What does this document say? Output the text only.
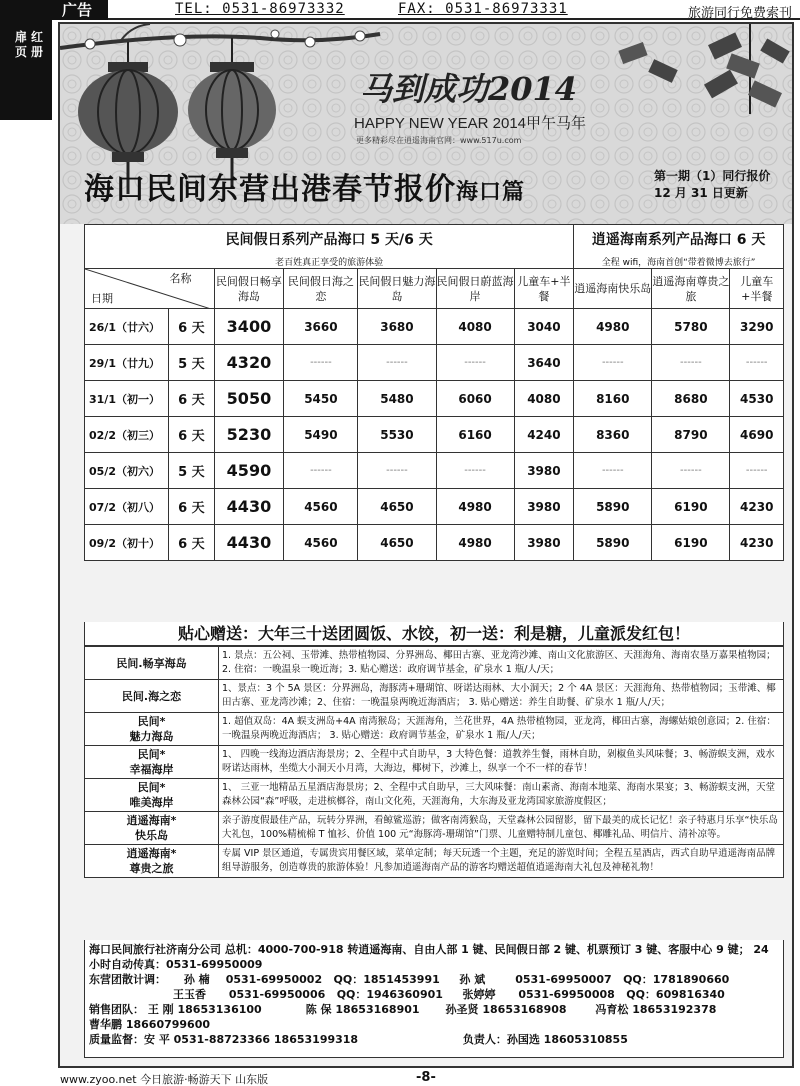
广告	TEL: 0531-86973332	FAX: 0531-86973331	旅游同行免费索刊
红册
扉页
马到成功2014
HAPPY NEW YEAR 2014甲午马年
更多精彩尽在逍遥海南官网：www.517u.com
海口民间东营出港春节报价海口篇
第一期（1）同行报价
12 月 31 日更新
民间假日系列产品海口 5 天/6 天
老百姓真正享受的旅游体验							逍遥海南系列产品海口 6 天
全程 wifi，海南首创“带着微博去旅行”		

名称
日期		民间假日畅享海岛	民间假日海之恋	民间假日魅力海岛	民间假日蔚蓝海岸	儿童车+半餐	逍遥海南快乐岛	逍遥海南尊贵之旅	儿童车+半餐
26/1（廿六）	6 天	3400	3660	3680	4080	3040	4980	5780	3290
29/1（廿九）	5 天	4320	------	------	------	3640	------	------	------
31/1（初一）	6 天	5050	5450	5480	6060	4080	8160	8680	4530
02/2（初三）	6 天	5230	5490	5530	6160	4240	8360	8790	4690
05/2（初六）	5 天	4590	------	------	------	3980	------	------	------
07/2（初八）	6 天	4430	4560	4650	4980	3980	5890	6190	4230
09/2（初十）	6 天	4430	4560	4650	4980	3980	5890	6190	4230
贴心赠送：大年三十送团圆饭、水饺，初一送：利是糖，儿童派发红包！
民间.畅享海岛	1. 景点：五公祠、玉带滩、热带植物园、分界洲岛、椰田古寨、亚龙湾沙滩、南山文化旅游区、天涯海角、海南农垦万嘉果植物园；2. 住宿：一晚温泉一晚近海；3. 贴心赠送：政府调节基金，矿泉水 1 瓶/人/天；
民间.海之恋	1、景点：3 个 5A 景区：分界洲岛，海豚湾+珊瑚馆、呀诺达雨林、大小洞天；2 个 4A 景区：天涯海角、热带植物园；玉带滩、椰田古寨、亚龙湾沙滩；2、住宿：一晚温泉两晚近海酒店； 3. 贴心赠送：养生自助餐、矿泉水 1 瓶/人/天；
民间*
魅力海岛	1. 超值双岛：4A 蜈支洲岛+4A 南湾猴岛；天涯海角，兰花世界，4A 热带植物园，亚龙湾，椰田古寨，海螺姑娘创意园；2. 住宿：一晚温泉两晚近海酒店； 3. 贴心赠送：政府调节基金，矿泉水 1 瓶/人/天；
民间*
幸福海岸	1、 四晚一线海边酒店海景房；2、全程中式自助早，3 大特色餐：道教养生餐，雨林自助，剁椒鱼头风味餐；3、畅游蜈支洲，戏水呀诺达雨林，坐缆大小洞天小月湾，大海边，椰树下，沙滩上，纵享一个不一样的春节！
民间*
唯美海岸	1、 三亚一地精品五星酒店海景房；2、全程中式自助早，三大风味餐：南山素斋、海南本地菜、海南水果宴；3、畅游蜈支洲，天堂森林公园“森”呼吸，走进槟榔谷，南山文化苑，天涯海角，大东海及亚龙湾国家旅游度假区；
逍遥海南*
快乐岛	亲子游度假最佳产品，玩转分界洲，看鲸鲨巡游；做客南湾猴岛，天堂森林公园留影，留下最美的成长记忆！亲子特惠月乐享“快乐岛大礼包，100%精梳棉 T 恤衫、价值 100 元“海豚湾-珊瑚馆”门票、儿童赠特制儿童包、椰雕礼品、明信片、清补凉等。
逍遥海南*
尊贵之旅	专属 VIP 景区通道，专属贵宾用餐区域，菜单定制；每天玩透一个主题，充足的游览时间；全程五星酒店，西式自助早逍遥海南品牌组导游服务，创造尊贵的旅游体验！凡参加逍遥海南产品的游客均赠送超值逍遥海南大礼包及神秘礼物！
海口民间旅行社济南分公司 总机：4000-700-918 转逍遥海南、自由人部 1 键、民间假日部 2 键、机票预订 3 键、客服中心 9 键； 24 小时自动传真：0531-69950009
东营团散计调： 孙 楠 0531-69950002 QQ：1851453991 孙 斌	0531-69950007 QQ：1781890660
王玉香 0531-69950006 QQ：1946360901 张婷婷 0531-69950008 QQ：609816340
销售团队： 王 刚 18653136100	陈 保 18653168901 孙圣贤 18653168908	冯育松 18653192378
曹华鹏 18660799600
质量监督：安 平 0531-88723366 18653199318	负责人：孙国选 18605310855
www.zyoo.net 今日旅游·畅游天下 山东版	-8-
